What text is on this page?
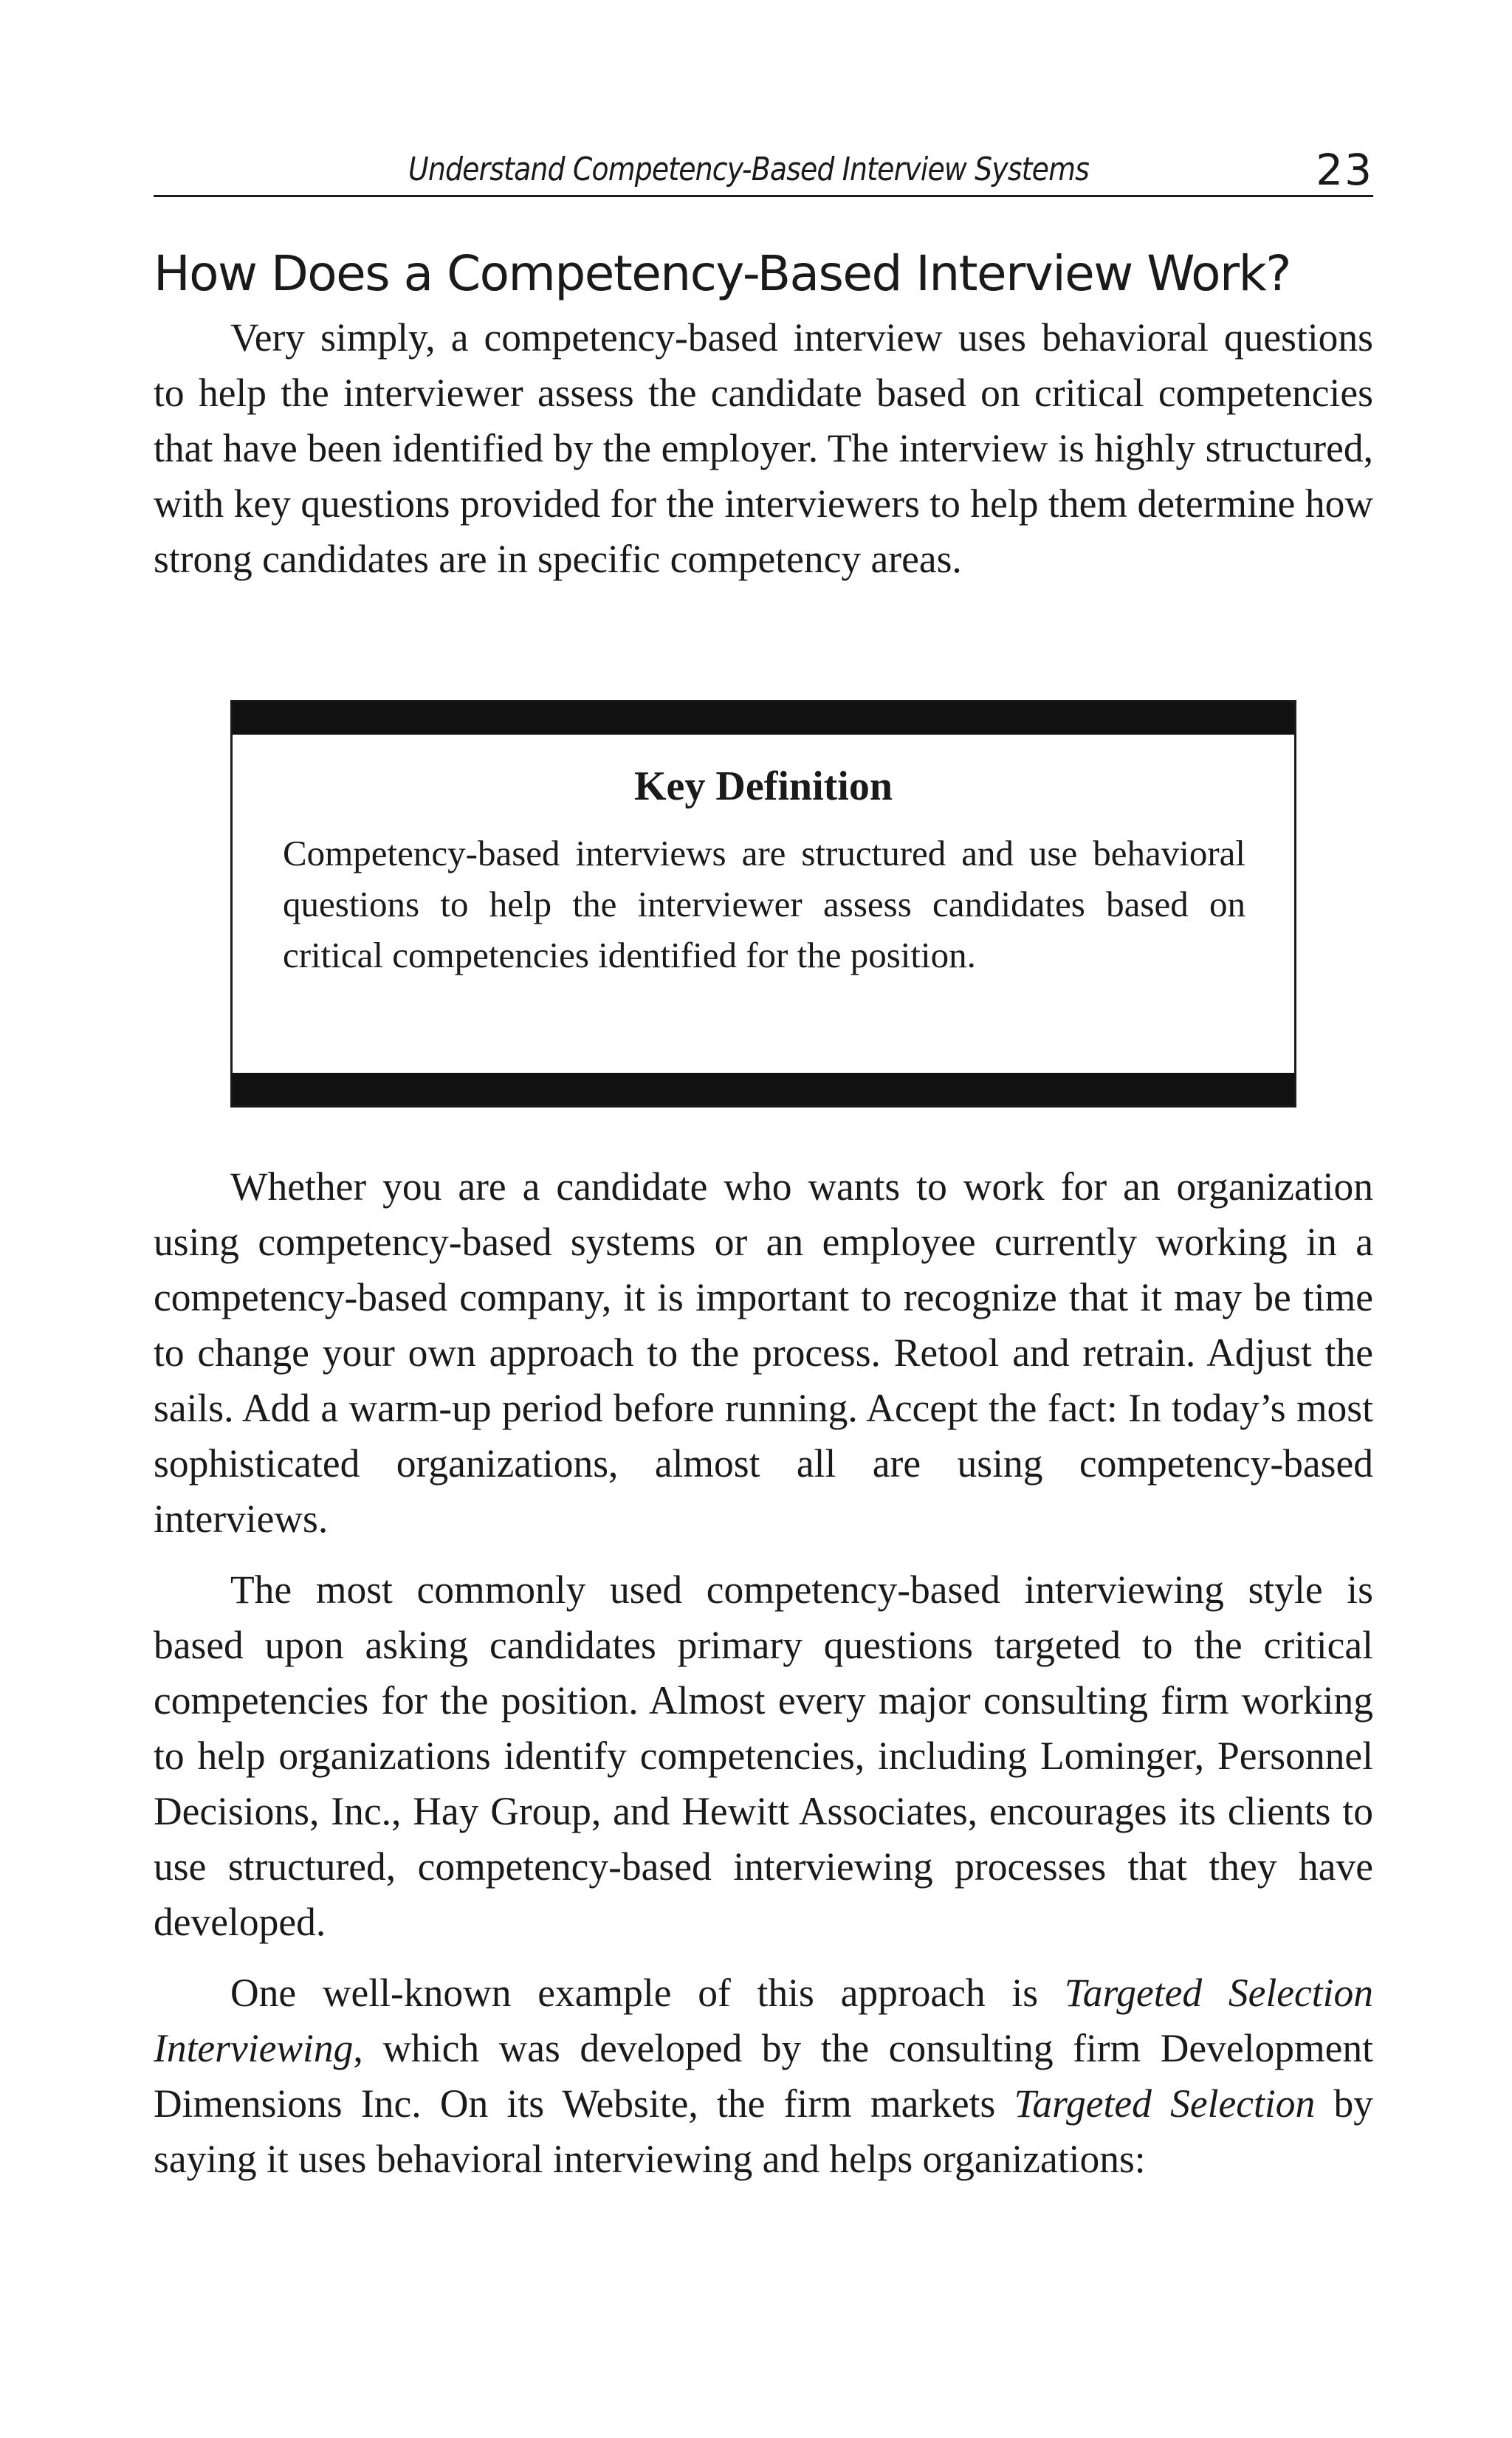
Understand Competency-Based Interview Systems	23
How Does a Competency-Based Interview Work?

Very simply, a competency-based interview uses behavioral questions to help the interviewer assess the candidate based on critical competencies that have been identified by the employer. The interview is highly structured, with key questions provided for the interviewers to help them determine how strong candidates are in specific competency areas.

Key Definition

Competency-based interviews are structured and use behavioral questions to help the interviewer assess candidates based on critical competencies identified for the position.

Whether you are a candidate who wants to work for an organization using competency-based systems or an employee currently working in a competency-based company, it is important to recognize that it may be time to change your own approach to the process. Retool and retrain. Adjust the sails. Add a warm-up period before running. Accept the fact: In today’s most sophisticated organizations, almost all are using competency-based interviews.

The most commonly used competency-based interviewing style is based upon asking candidates primary questions targeted to the critical competencies for the position. Almost every major consulting firm working to help organizations identify competencies, including Lominger, Personnel Decisions, Inc., Hay Group, and Hewitt Associates, encourages its clients to use structured, competency-based interviewing processes that they have developed.

One well-known example of this approach is Targeted Selection Interviewing, which was developed by the consulting firm Development Dimensions Inc. On its Website, the firm markets Targeted Selection by saying it uses behavioral interviewing and helps organizations:
